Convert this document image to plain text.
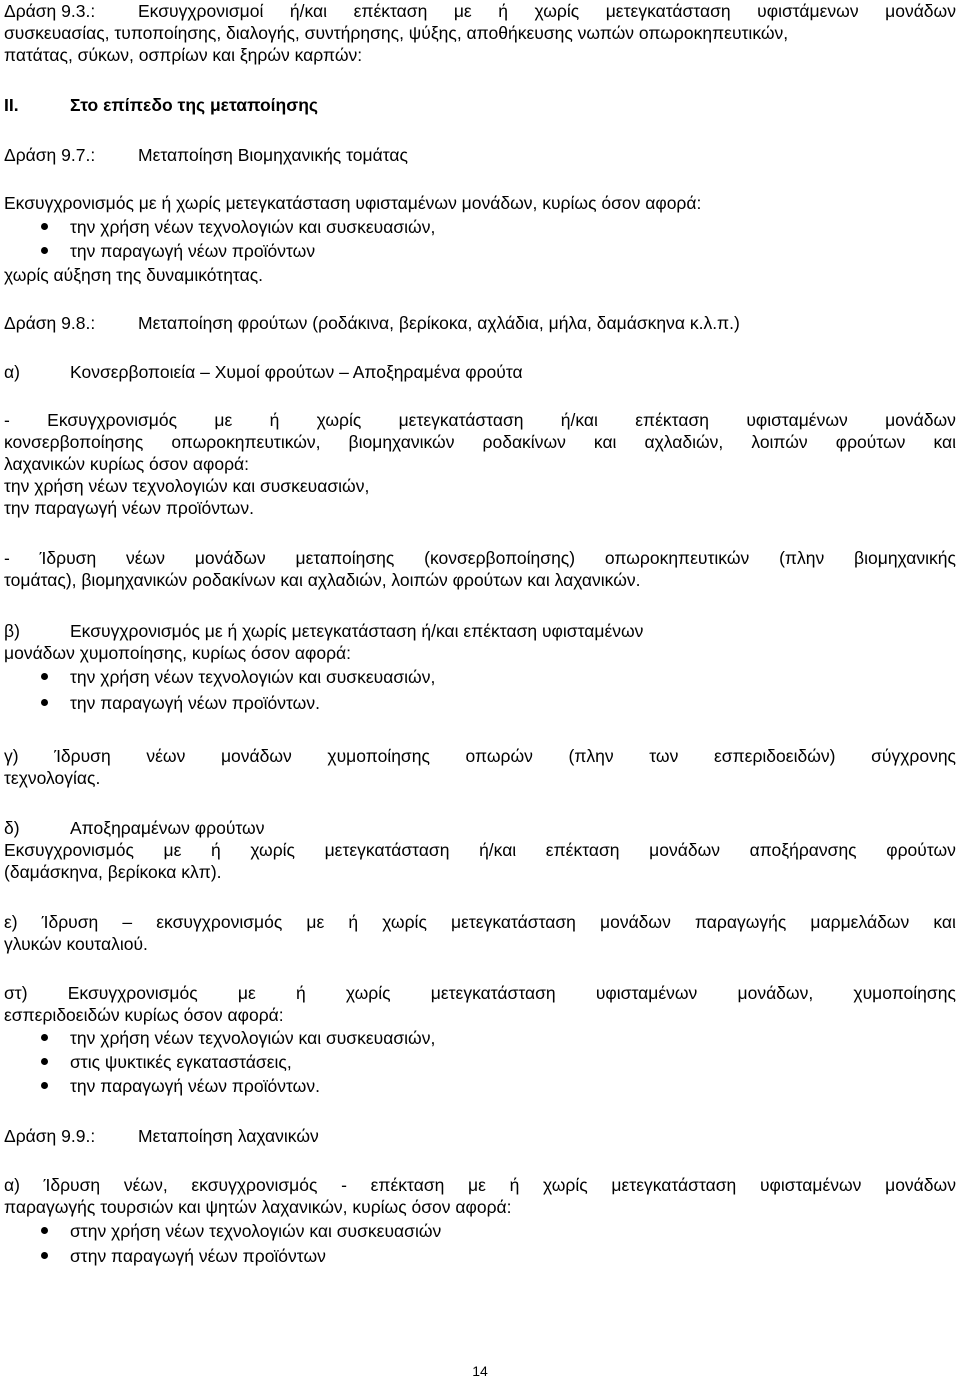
Δράση 9.3.: Εκσυγχρονισμοί ή/και επέκταση με ή χωρίς μετεγκατάσταση υφιστάμενων μονάδων
συσκευασίας, τυποποίησης, διαλογής, συντήρησης, ψύξης, αποθήκευσης νωπών οπωροκηπευτικών,
πατάτας, σύκων, οσπρίων και ξηρών καρπών:
ΙΙ.	Στο επίπεδο της μεταποίησης
Δράση 9.7.: Μεταποίηση Βιομηχανικής τομάτας
Εκσυγχρονισμός με ή χωρίς μετεγκατάσταση υφισταμένων μονάδων, κυρίως όσον αφορά:
την χρήση νέων τεχνολογιών και συσκευασιών,
την παραγωγή νέων προϊόντων
χωρίς αύξηση της δυναμικότητας.
Δράση 9.8.: Μεταποίηση φρούτων (ροδάκινα, βερίκοκα, αχλάδια, μήλα, δαμάσκηνα κ.λ.π.)
α)	Κονσερβοποιεία – Χυμοί φρούτων – Αποξηραμένα φρούτα
- Εκσυγχρονισμός με ή χωρίς μετεγκατάσταση ή/και επέκταση υφισταμένων μονάδων
κονσερβοποίησης οπωροκηπευτικών, βιομηχανικών ροδακίνων και αχλαδιών, λοιπών φρούτων και
λαχανικών κυρίως όσον αφορά:
την χρήση νέων τεχνολογιών και συσκευασιών,
την παραγωγή νέων προϊόντων.
- Ίδρυση νέων μονάδων μεταποίησης (κονσερβοποίησης) οπωροκηπευτικών (πλην βιομηχανικής
τομάτας), βιομηχανικών ροδακίνων και αχλαδιών, λοιπών φρούτων και λαχανικών.
β)	Εκσυγχρονισμός με ή χωρίς μετεγκατάσταση ή/και επέκταση υφισταμένων
μονάδων χυμοποίησης, κυρίως όσον αφορά:
την χρήση νέων τεχνολογιών και συσκευασιών,
την παραγωγή νέων προϊόντων.
γ) Ίδρυση νέων μονάδων χυμοποίησης οπωρών (πλην των εσπεριδοειδών) σύγχρονης
τεχνολογίας.
δ)	Αποξηραμένων φρούτων
Εκσυγχρονισμός με ή χωρίς μετεγκατάσταση ή/και επέκταση μονάδων αποξήρανσης φρούτων
(δαμάσκηνα, βερίκοκα κλπ).
ε) Ίδρυση – εκσυγχρονισμός με ή χωρίς μετεγκατάσταση μονάδων παραγωγής μαρμελάδων και
γλυκών κουταλιού.
στ) Εκσυγχρονισμός με ή χωρίς μετεγκατάσταση υφισταμένων μονάδων, χυμοποίησης
εσπεριδοειδών κυρίως όσον αφορά:
την χρήση νέων τεχνολογιών και συσκευασιών,
στις ψυκτικές εγκαταστάσεις,
την παραγωγή νέων προϊόντων.
Δράση 9.9.: Μεταποίηση λαχανικών
α) Ίδρυση νέων, εκσυγχρονισμός - επέκταση με ή χωρίς μετεγκατάσταση υφισταμένων μονάδων
παραγωγής τουρσιών και ψητών λαχανικών, κυρίως όσον αφορά:
στην χρήση νέων τεχνολογιών και συσκευασιών
στην παραγωγή νέων προϊόντων
14
